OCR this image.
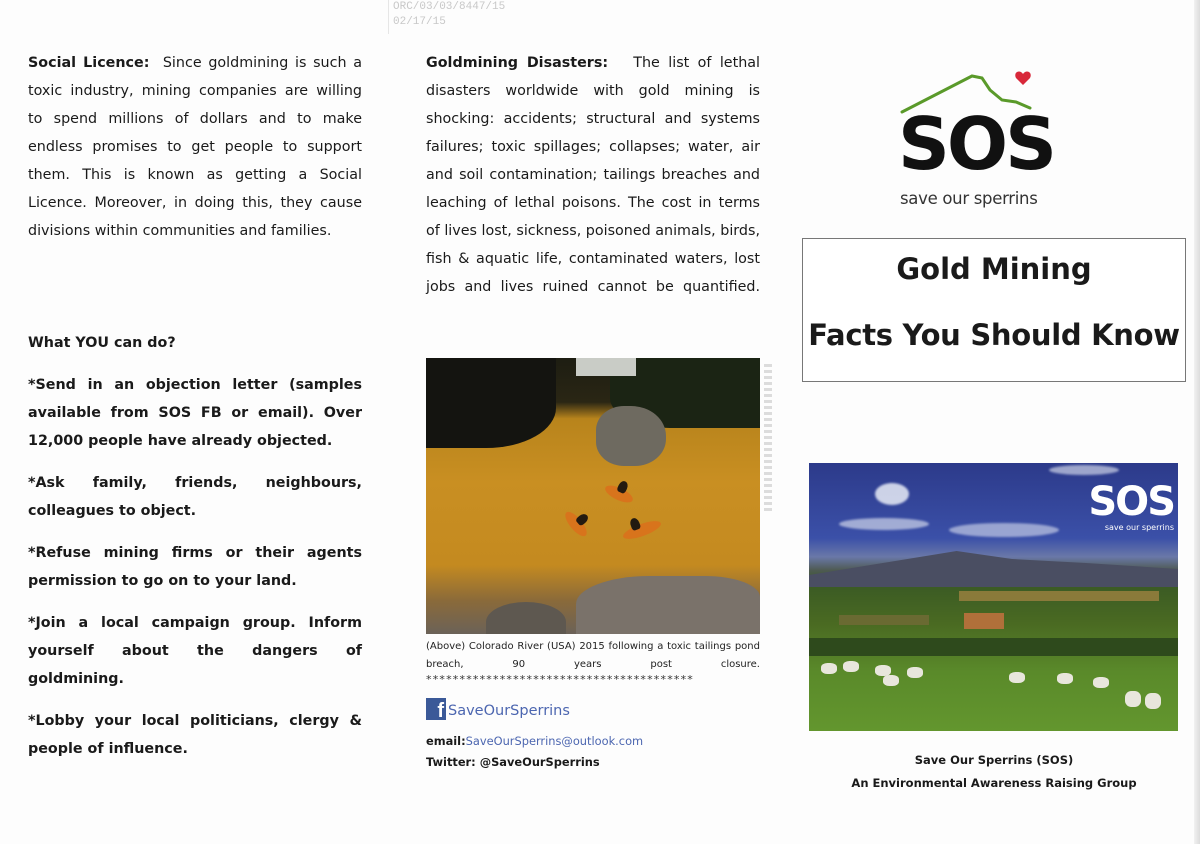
ORC/03/03/8447/15
02/17/15

Social Licence: Since goldmining is such a toxic industry, mining companies are willing to spend millions of dollars and to make endless promises to get people to support them. This is known as getting a Social Licence. Moreover, in doing this, they cause divisions within communities and families.

What YOU can do?

*Send in an objection letter (samples available from SOS FB or email). Over 12,000 people have already objected.

*Ask family, friends, neighbours, colleagues to object.

*Refuse mining firms or their agents permission to go on to your land.

*Join a local campaign group. Inform yourself about the dangers of goldmining.

*Lobby your local politicians, clergy & people of influence.

Goldmining Disasters: The list of lethal disasters worldwide with gold mining is shocking: accidents; structural and systems failures; toxic spillages; collapses; water, air and soil contamination; tailings breaches and leaching of lethal poisons. The cost in terms of lives lost, sickness, poisoned animals, birds, fish & aquatic life, contaminated waters, lost jobs and lives ruined cannot be quantified.

(Above) Colorado River (USA) 2015 following a toxic tailings pond breach, 90 years post closure.
****************************************
f SaveOurSperrins
email:SaveOurSperrins@outlook.com
Twitter: @SaveOurSperrins
SOS
save our sperrins
Gold Mining
Facts You Should Know
SOS
save our sperrins
Save Our Sperrins (SOS)
An Environmental Awareness Raising Group
